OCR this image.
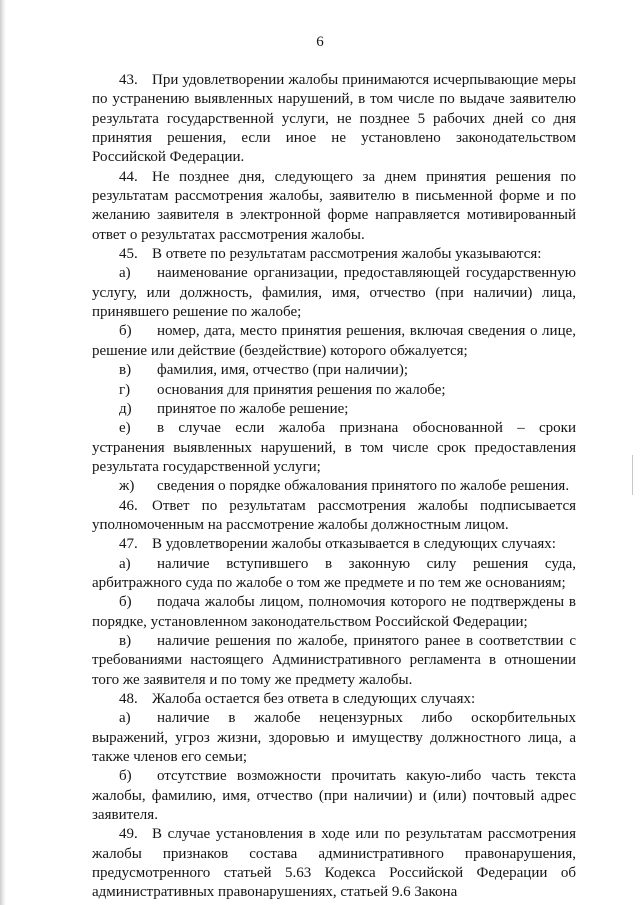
6

43. При удовлетворении жалобы принимаются исчерпывающие меры по устранению выявленных нарушений, в том числе по выдаче заявителю результата государственной услуги, не позднее 5 рабочих дней со дня принятия решения, если иное не установлено законодательством Российской Федерации.

44. Не позднее дня, следующего за днем принятия решения по результатам рассмотрения жалобы, заявителю в письменной форме и по желанию заявителя в электронной форме направляется мотивированный ответ о результатах рассмотрения жалобы.

45. В ответе по результатам рассмотрения жалобы указываются:

а) наименование организации, предоставляющей государственную услугу, или должность, фамилия, имя, отчество (при наличии) лица, принявшего решение по жалобе;

б) номер, дата, место принятия решения, включая сведения о лице, решение или действие (бездействие) которого обжалуется;

в) фамилия, имя, отчество (при наличии);

г) основания для принятия решения по жалобе;

д) принятое по жалобе решение;

е) в случае если жалоба признана обоснованной – сроки устранения выявленных нарушений, в том числе срок предоставления результата государственной услуги;

ж) сведения о порядке обжалования принятого по жалобе решения.

46. Ответ по результатам рассмотрения жалобы подписывается уполномоченным на рассмотрение жалобы должностным лицом.

47. В удовлетворении жалобы отказывается в следующих случаях:

а) наличие вступившего в законную силу решения суда, арбитражного суда по жалобе о том же предмете и по тем же основаниям;

б) подача жалобы лицом, полномочия которого не подтверждены в порядке, установленном законодательством Российской Федерации;

в) наличие решения по жалобе, принятого ранее в соответствии с требованиями настоящего Административного регламента в отношении того же заявителя и по тому же предмету жалобы.

48. Жалоба остается без ответа в следующих случаях:

а) наличие в жалобе нецензурных либо оскорбительных выражений, угроз жизни, здоровью и имуществу должностного лица, а также членов его семьи;

б) отсутствие возможности прочитать какую-либо часть текста жалобы, фамилию, имя, отчество (при наличии) и (или) почтовый адрес заявителя.

49. В случае установления в ходе или по результатам рассмотрения жалобы признаков состава административного правонарушения, предусмотренного статьей 5.63 Кодекса Российской Федерации об административных правонарушениях, статьей 9.6 Закона
